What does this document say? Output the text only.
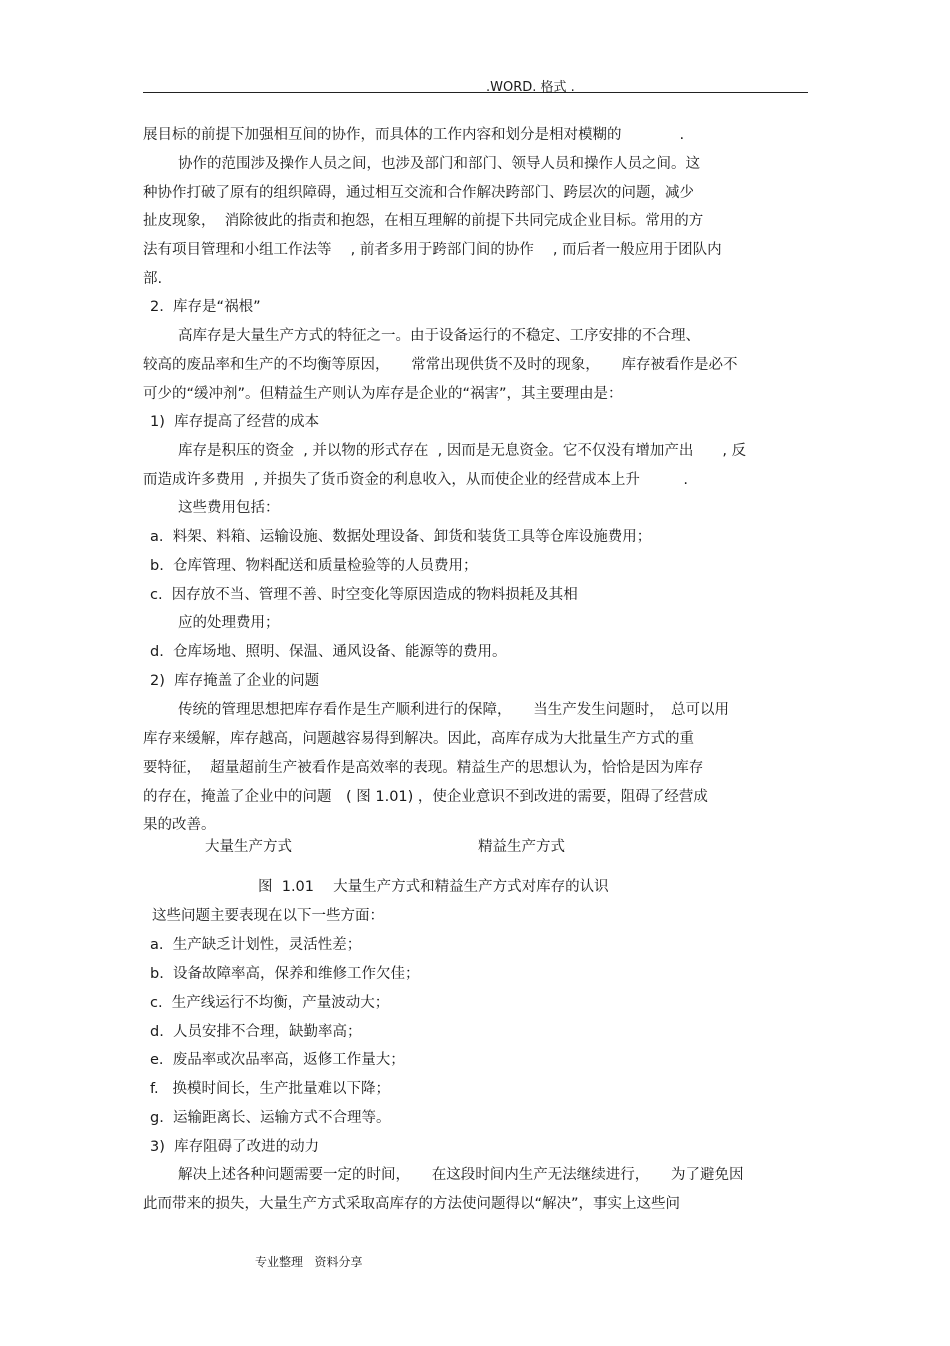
.WORD. 格式 .
展目标的前提下加强相互间的协作，而具体的工作内容和划分是相对模糊的　　　　.
协作的范围涉及操作人员之间，也涉及部门和部门、领导人员和操作人员之间。这
种协作打破了原有的组织障碍，通过相互交流和合作解决跨部门、跨层次的问题，减少
扯皮现象，  消除彼此的指责和抱怨，在相互理解的前提下共同完成企业目标。常用的方
法有项目管理和小组工作法等　 , 前者多用于跨部门间的协作　 , 而后者一般应用于团队内
部.
2.  库存是“祸根”
高库存是大量生产方式的特征之一。由于设备运行的不稳定、工序安排的不合理、
较高的废品率和生产的不均衡等原因，　　常常出现供货不及时的现象，　　库存被看作是必不
可少的“缓冲剂”。但精益生产则认为库存是企业的“祸害”，其主要理由是：
1)  库存提高了经营的成本
库存是积压的资金  , 并以物的形式存在  , 因而是无息资金。它不仅没有增加产出　　, 反
而造成许多费用  , 并损失了货币资金的利息收入，从而使企业的经营成本上升　　　.
这些费用包括：
a.  料架、料箱、运输设施、数据处理设备、卸货和装货工具等仓库设施费用；
b.  仓库管理、物料配送和质量检验等的人员费用；
c.  因存放不当、管理不善、时空变化等原因造成的物料损耗及其相
应的处理费用；
d.  仓库场地、照明、保温、通风设备、能源等的费用。
2)  库存掩盖了企业的问题
传统的管理思想把库存看作是生产顺利进行的保障，　　当生产发生问题时，　总可以用
库存来缓解，库存越高，问题越容易得到解决。因此，高库存成为大批量生产方式的重
要特征，  超量超前生产被看作是高效率的表现。精益生产的思想认为，恰恰是因为库存
的存在，掩盖了企业中的问题　( 图 1.01) ，使企业意识不到改进的需要，阻碍了经营成
果的改善。
大量生产方式	精益生产方式
图  1.01　 大量生产方式和精益生产方式对库存的认识
这些问题主要表现在以下一些方面：
a.  生产缺乏计划性，灵活性差；
b.  设备故障率高，保养和维修工作欠佳；
c.  生产线运行不均衡，产量波动大；
d.  人员安排不合理，缺勤率高；
e.  废品率或次品率高，返修工作量大；
f.   换模时间长，生产批量难以下降；
g.  运输距离长、运输方式不合理等。
3)  库存阻碍了改进的动力
解决上述各种问题需要一定的时间，　　在这段时间内生产无法继续进行，　　为了避免因
此而带来的损失，大量生产方式采取高库存的方法使问题得以“解决”，事实上这些问
专业整理   资料分享
